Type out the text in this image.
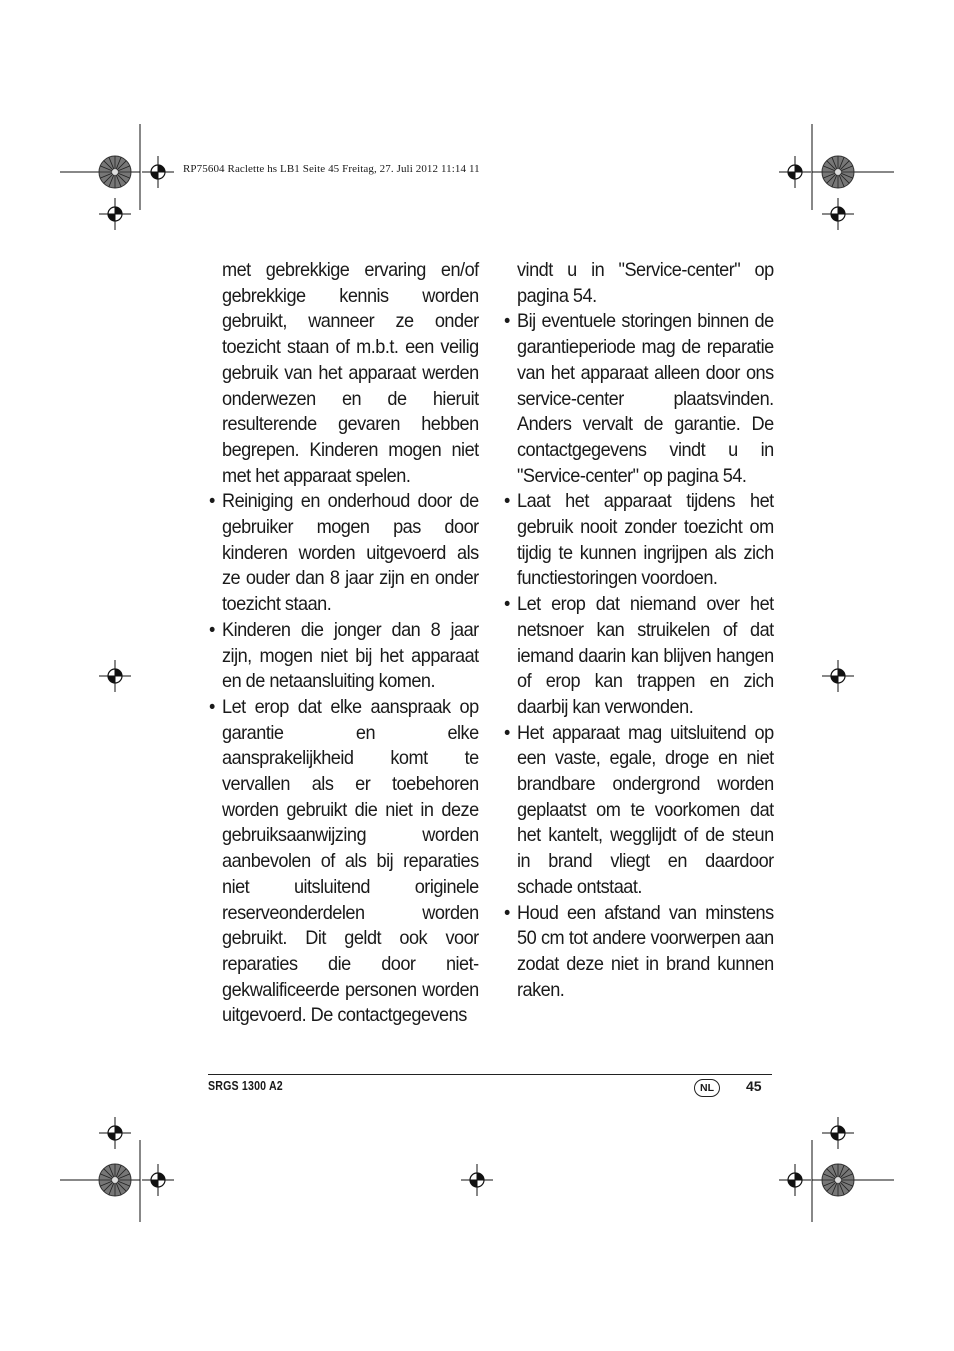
RP75604 Raclette hs LB1 Seite 45 Freitag, 27. Juli 2012 11:14 11

met gebrekkige ervaring en/of gebrekkige kennis worden gebruikt, wanneer ze onder toezicht staan of m.b.t. een veilig gebruik van het apparaat werden onderwezen en de hieruit resulterende gevaren hebben begrepen. Kinderen mogen niet met het apparaat spelen.

• Reiniging en onderhoud door de gebruiker mogen pas door kinderen worden uitgevoerd als ze ouder dan 8 jaar zijn en onder toezicht staan.

• Kinderen die jonger dan 8 jaar zijn, mogen niet bij het apparaat en de netaansluiting komen.

• Let erop dat elke aanspraak op garantie en elke aansprakelijkheid komt te vervallen als er toebehoren worden gebruikt die niet in deze gebruiksaanwijzing worden aanbevolen of als bij reparaties niet uitsluitend originele reserveonderdelen worden gebruikt. Dit geldt ook voor reparaties die door niet-gekwalificeerde personen worden uitgevoerd. De contactgegevens

vindt u in "Service-center" op pagina 54.

• Bij eventuele storingen binnen de garantieperiode mag de reparatie van het apparaat alleen door ons service-center plaatsvinden. Anders vervalt de garantie. De contactgegevens vindt u in "Service-center" op pagina 54.

• Laat het apparaat tijdens het gebruik nooit zonder toezicht om tijdig te kunnen ingrijpen als zich functiestoringen voordoen.

• Let erop dat niemand over het netsnoer kan struikelen of dat iemand daarin kan blijven hangen of erop kan trappen en zich daarbij kan verwonden.

• Het apparaat mag uitsluitend op een vaste, egale, droge en niet brandbare ondergrond worden geplaatst om te voorkomen dat het kantelt, wegglijdt of de steun in brand vliegt en daardoor schade ontstaat.

• Houd een afstand van minstens 50 cm tot andere voorwerpen aan zodat deze niet in brand kunnen raken.

SRGS 1300 A2	NL	45
